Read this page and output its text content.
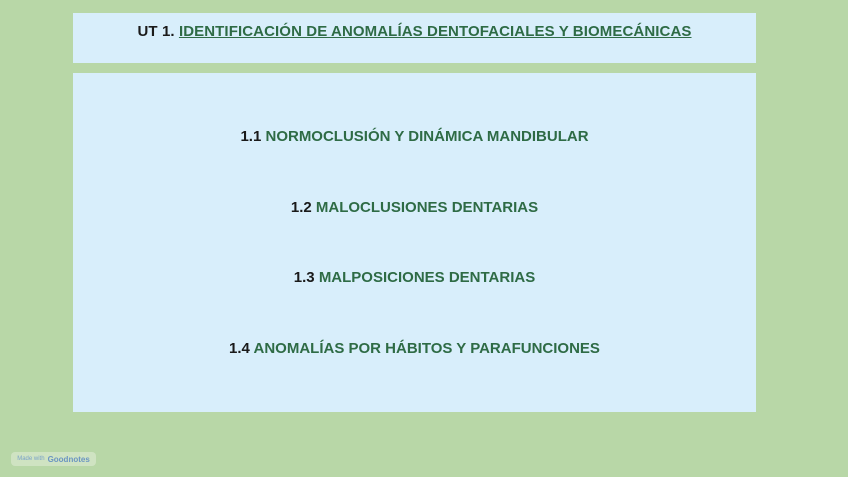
UT 1. IDENTIFICACIÓN DE ANOMALÍAS DENTOFACIALES Y BIOMECÁNICAS
1.1 NORMOCLUSIÓN Y DINÁMICA MANDIBULAR
1.2 MALOCLUSIONES DENTARIAS
1.3 MALPOSICIONES DENTARIAS
1.4 ANOMALÍAS POR HÁBITOS Y PARAFUNCIONES
Made with Goodnotes
